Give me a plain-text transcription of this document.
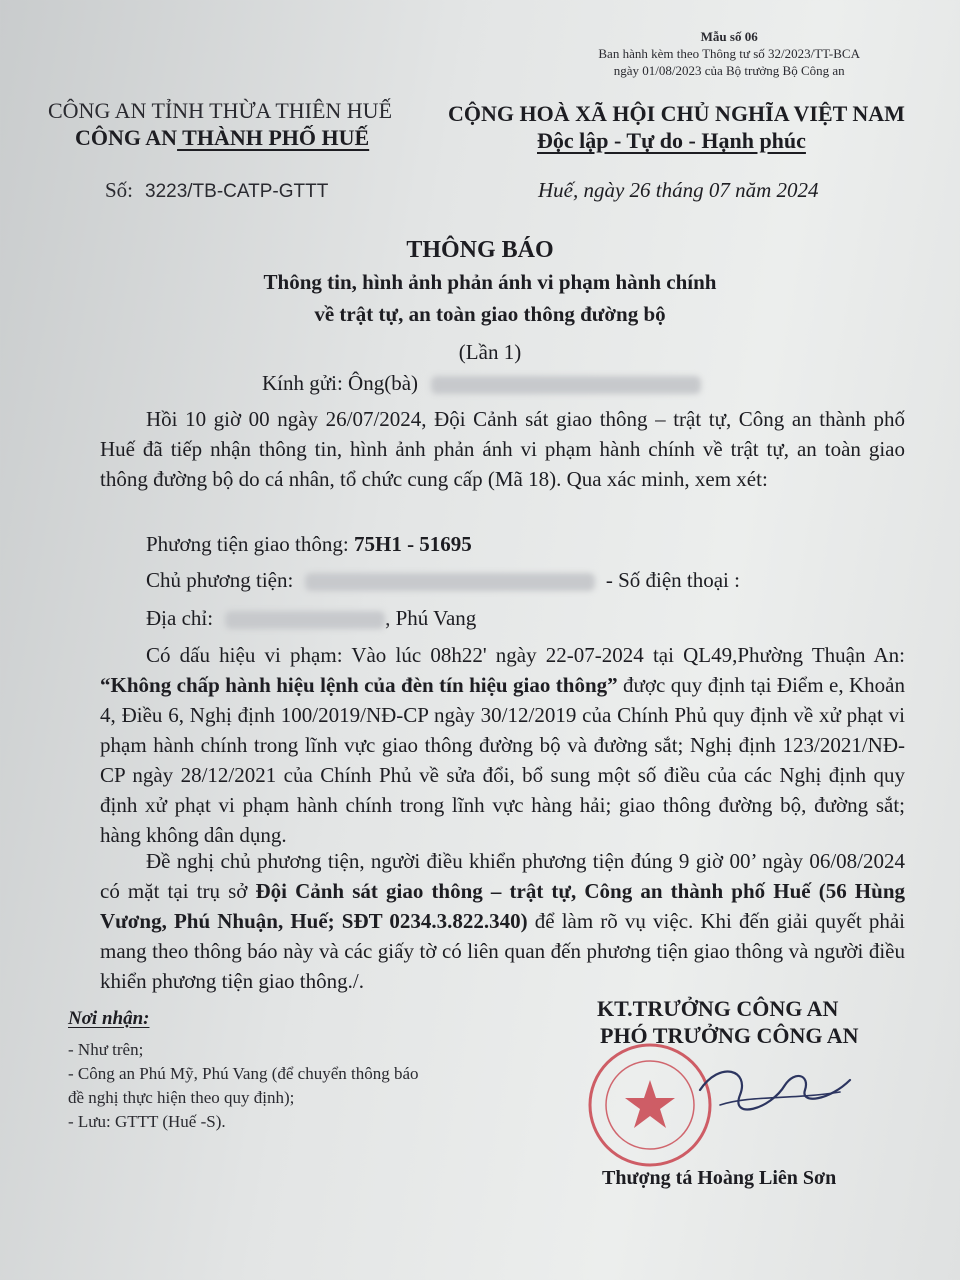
Mẫu số 06
Ban hành kèm theo Thông tư số 32/2023/TT-BCA
ngày 01/08/2023 của Bộ trưởng Bộ Công an
CÔNG AN TỈNH THỪA THIÊN HUẾ
CÔNG AN THÀNH PHỐ HUẾ
CỘNG HOÀ XÃ HỘI CHỦ NGHĨA VIỆT NAM
Độc lập - Tự do - Hạnh phúc
Số: 3223/TB-CATP-GTTT	Huế, ngày 26 tháng 07 năm 2024
THÔNG BÁO
Thông tin, hình ảnh phản ánh vi phạm hành chính
về trật tự, an toàn giao thông đường bộ
(Lần 1)
Kính gửi: Ông(bà)
Hồi 10 giờ 00 ngày 26/07/2024, Đội Cảnh sát giao thông – trật tự, Công an thành phố Huế đã tiếp nhận thông tin, hình ảnh phản ánh vi phạm hành chính về trật tự, an toàn giao thông đường bộ do cá nhân, tổ chức cung cấp (Mã 18). Qua xác minh, xem xét:
Phương tiện giao thông: 75H1 - 51695
Chủ phương tiện:	- Số điện thoại :
Địa chỉ:	, Phú Vang
Có dấu hiệu vi phạm: Vào lúc 08h22' ngày 22-07-2024 tại QL49,Phường Thuận An: “Không chấp hành hiệu lệnh của đèn tín hiệu giao thông” được quy định tại Điểm e, Khoản 4, Điều 6, Nghị định 100/2019/NĐ-CP ngày 30/12/2019 của Chính Phủ quy định về xử phạt vi phạm hành chính trong lĩnh vực giao thông đường bộ và đường sắt; Nghị định 123/2021/NĐ-CP ngày 28/12/2021 của Chính Phủ về sửa đổi, bổ sung một số điều của các Nghị định quy định xử phạt vi phạm hành chính trong lĩnh vực hàng hải; giao thông đường bộ, đường sắt; hàng không dân dụng.
Đề nghị chủ phương tiện, người điều khiển phương tiện đúng 9 giờ 00’ ngày 06/08/2024 có mặt tại trụ sở Đội Cảnh sát giao thông – trật tự, Công an thành phố Huế (56 Hùng Vương, Phú Nhuận, Huế; SĐT 0234.3.822.340) để làm rõ vụ việc. Khi đến giải quyết phải mang theo thông báo này và các giấy tờ có liên quan đến phương tiện giao thông và người điều khiển phương tiện giao thông./.
Nơi nhận:
- Như trên;
- Công an Phú Mỹ, Phú Vang (để chuyển thông báo
đề nghị thực hiện theo quy định);
- Lưu: GTTT (Huế -S).
KT.TRƯỞNG CÔNG AN
PHÓ TRƯỞNG CÔNG AN
Thượng tá Hoàng Liên Sơn
